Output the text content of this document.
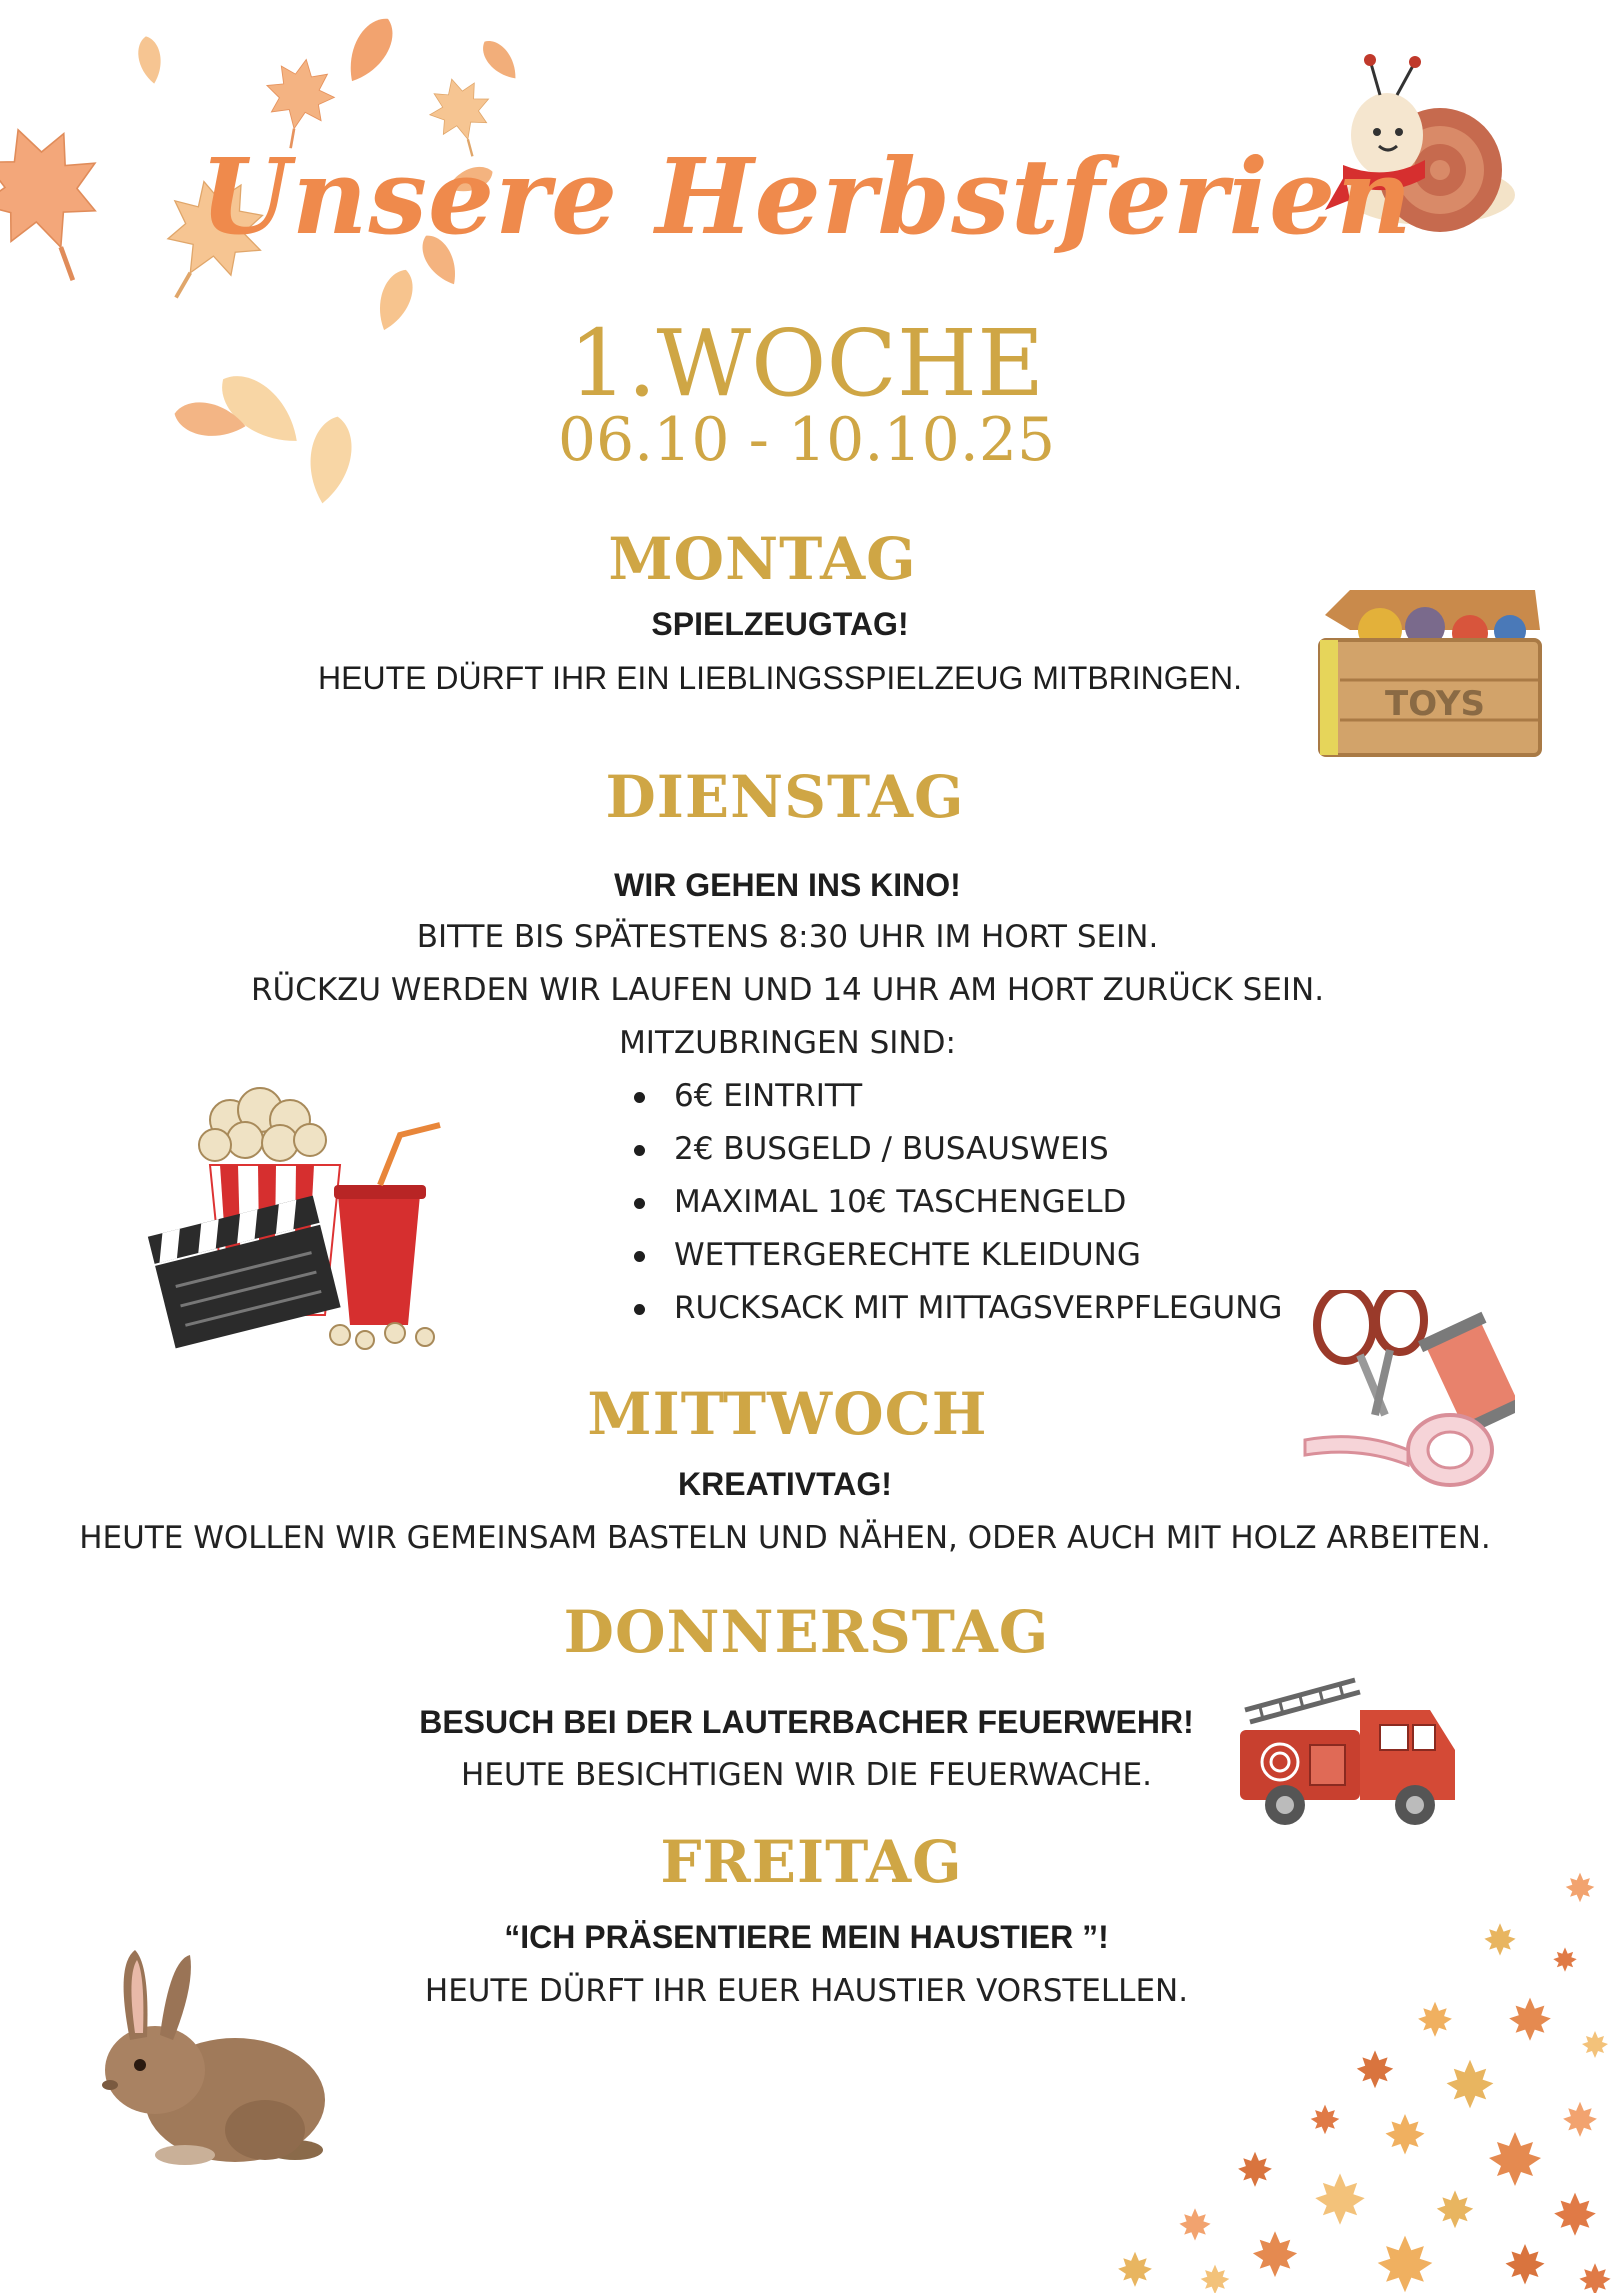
Unsere Herbstferien
1.WOCHE
06.10 - 10.10.25
MONTAG
SPIELZEUGTAG!
HEUTE DÜRFT IHR EIN LIEBLINGSSPIELZEUG MITBRINGEN.
TOYS
DIENSTAG
WIR GEHEN INS KINO!
BITTE BIS SPÄTESTENS 8:30 UHR IM HORT SEIN.
RÜCKZU WERDEN WIR LAUFEN UND 14 UHR AM HORT ZURÜCK SEIN.
MITZUBRINGEN SIND:
6€ EINTRITT
2€ BUSGELD / BUSAUSWEIS
MAXIMAL 10€ TASCHENGELD
WETTERGERECHTE KLEIDUNG
RUCKSACK MIT MITTAGSVERPFLEGUNG
MITTWOCH
KREATIVTAG!
HEUTE WOLLEN WIR GEMEINSAM BASTELN UND NÄHEN, ODER AUCH MIT HOLZ ARBEITEN.
DONNERSTAG
BESUCH BEI DER LAUTERBACHER FEUERWEHR!
HEUTE BESICHTIGEN WIR DIE FEUERWACHE.
FREITAG
“ICH PRÄSENTIERE MEIN HAUSTIER ”!
HEUTE DÜRFT IHR EUER HAUSTIER VORSTELLEN.
